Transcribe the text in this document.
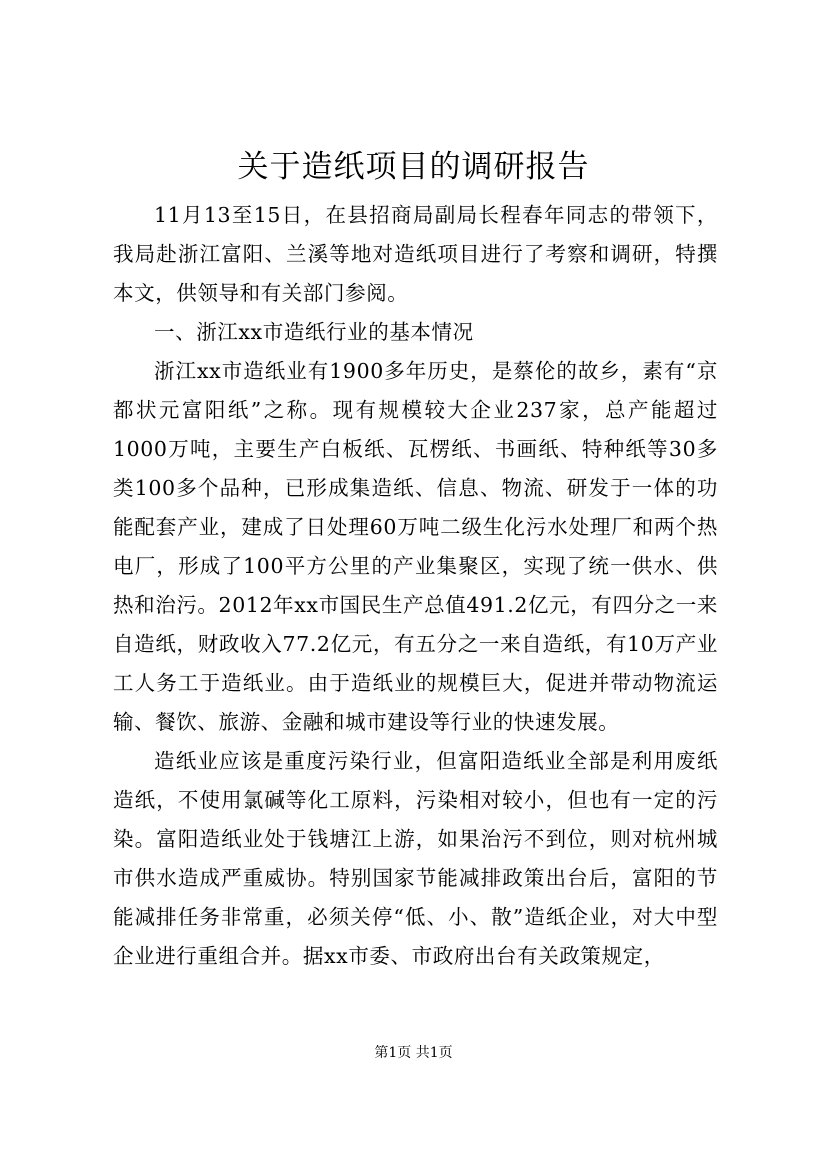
关于造纸项目的调研报告

11月13至15日，在县招商局副局长程春年同志的带领下，我局赴浙江富阳、兰溪等地对造纸项目进行了考察和调研，特撰本文，供领导和有关部门参阅。

一、浙江xx市造纸行业的基本情况

浙江xx市造纸业有1900多年历史，是蔡伦的故乡，素有“京都状元富阳纸”之称。现有规模较大企业237家，总产能超过1000万吨，主要生产白板纸、瓦楞纸、书画纸、特种纸等30多类100多个品种，已形成集造纸、信息、物流、研发于一体的功能配套产业，建成了日处理60万吨二级生化污水处理厂和两个热电厂，形成了100平方公里的产业集聚区，实现了统一供水、供热和治污。2012年xx市国民生产总值491.2亿元，有四分之一来自造纸，财政收入77.2亿元，有五分之一来自造纸，有10万产业工人务工于造纸业。由于造纸业的规模巨大，促进并带动物流运输、餐饮、旅游、金融和城市建设等行业的快速发展。

造纸业应该是重度污染行业，但富阳造纸业全部是利用废纸造纸，不使用氯碱等化工原料，污染相对较小，但也有一定的污染。富阳造纸业处于钱塘江上游，如果治污不到位，则对杭州城市供水造成严重威协。特别国家节能减排政策出台后，富阳的节能减排任务非常重，必须关停“低、小、散”造纸企业，对大中型企业进行重组合并。据xx市委、市政府出台有关政策规定，

第1页 共1页
